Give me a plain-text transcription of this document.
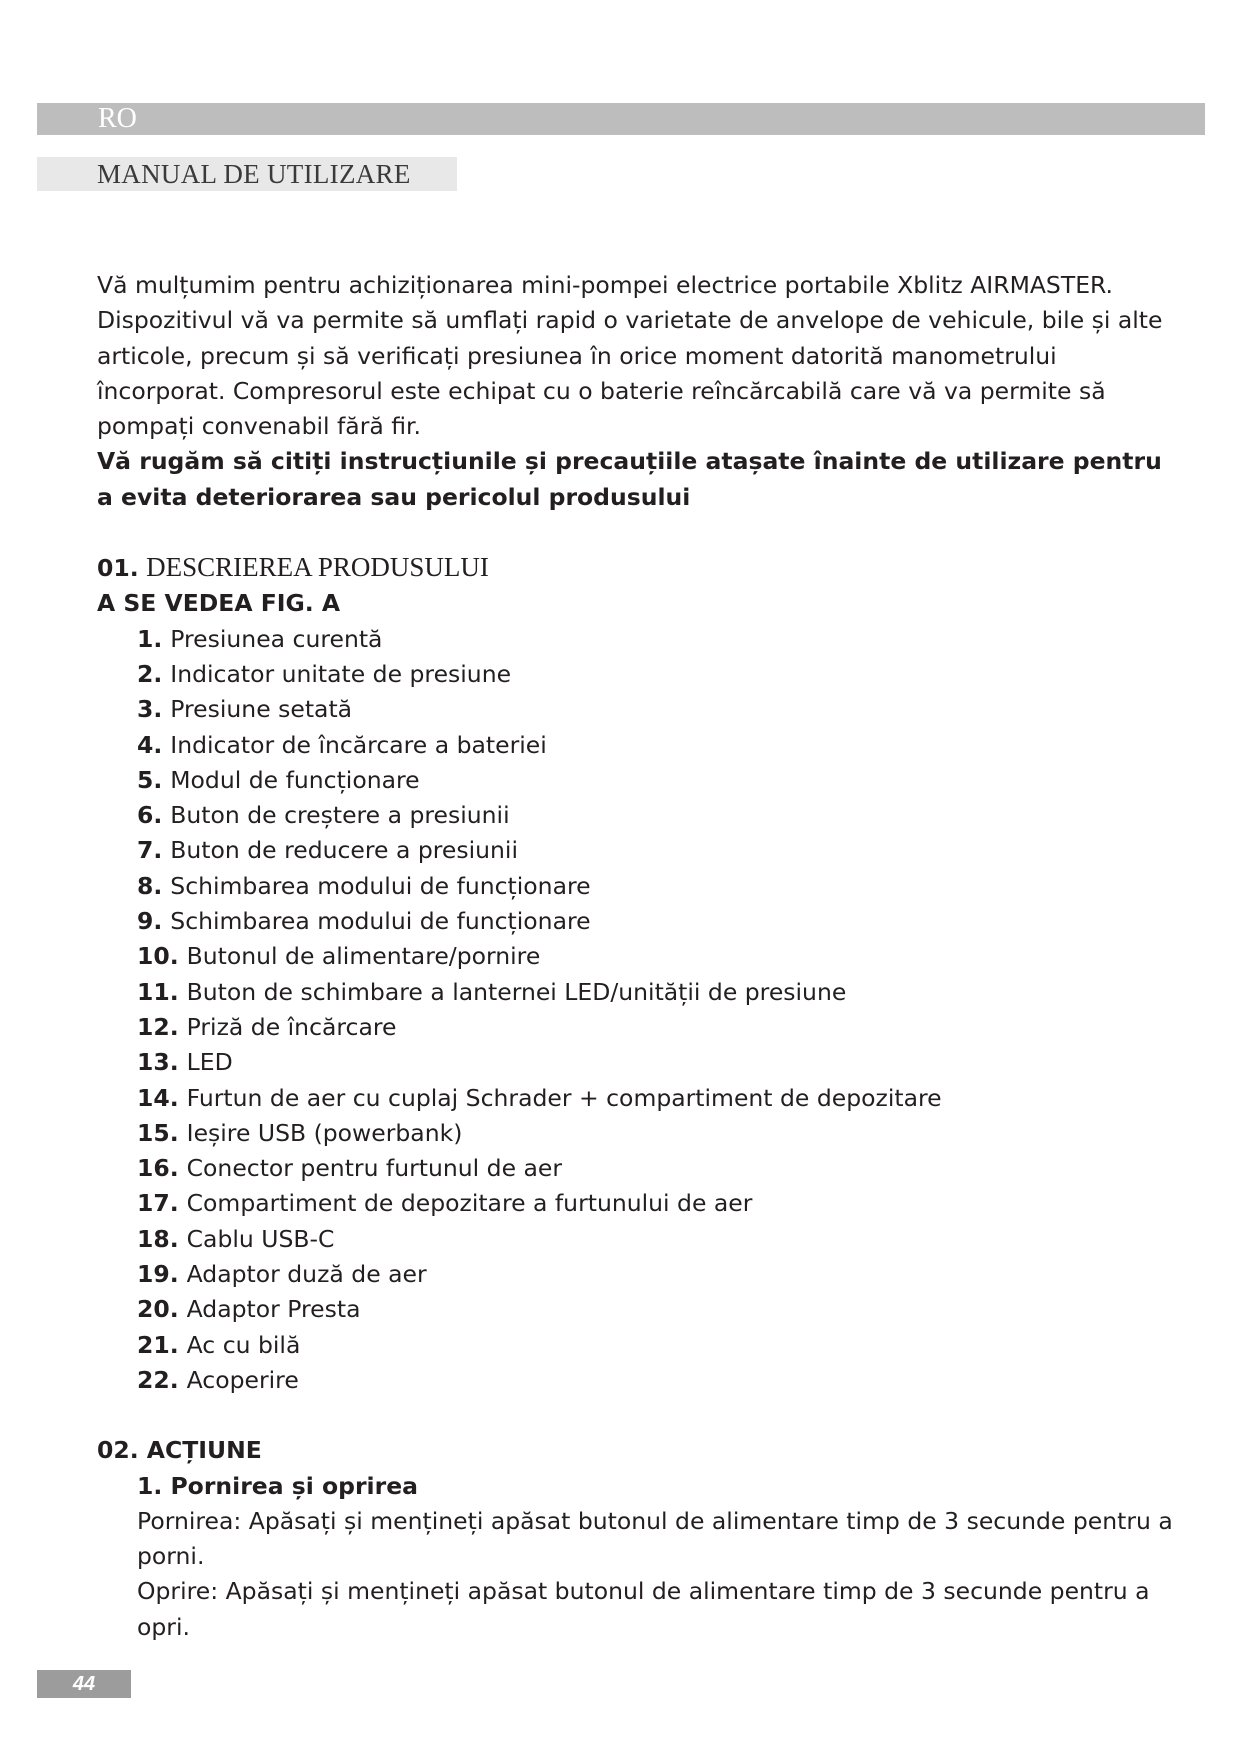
RO
MANUAL DE UTILIZARE

Vă mulțumim pentru achiziționarea mini-pompei electrice portabile Xblitz AIRMASTER. Dispozitivul vă va permite să umflați rapid o varietate de anvelope de vehicule, bile și alte articole, precum și să verificați presiunea în orice moment datorită manometrului încorporat. Compresorul este echipat cu o baterie reîncărcabilă care vă va permite să pompați convenabil fără fir.

Vă rugăm să citiți instrucțiunile și precauțiile atașate înainte de utilizare pentru a evita deteriorarea sau pericolul produsului

01. DESCRIEREA PRODUSULUI

A SE VEDEA FIG. A

1. Presiunea curentă
2. Indicator unitate de presiune
3. Presiune setată
4. Indicator de încărcare a bateriei
5. Modul de funcționare
6. Buton de creștere a presiunii
7. Buton de reducere a presiunii
8. Schimbarea modului de funcționare
9. Schimbarea modului de funcționare
10. Butonul de alimentare/pornire
11. Buton de schimbare a lanternei LED/unității de presiune
12. Priză de încărcare
13. LED
14. Furtun de aer cu cuplaj Schrader + compartiment de depozitare
15. Ieșire USB (powerbank)
16. Conector pentru furtunul de aer
17. Compartiment de depozitare a furtunului de aer
18. Cablu USB-C
19. Adaptor duză de aer
20. Adaptor Presta
21. Ac cu bilă
22. Acoperire

02. ACȚIUNE

1. Pornirea și oprirea

Pornirea: Apăsați și mențineți apăsat butonul de alimentare timp de 3 secunde pentru a porni.

Oprire: Apăsați și mențineți apăsat butonul de alimentare timp de 3 secunde pentru a opri.

44
